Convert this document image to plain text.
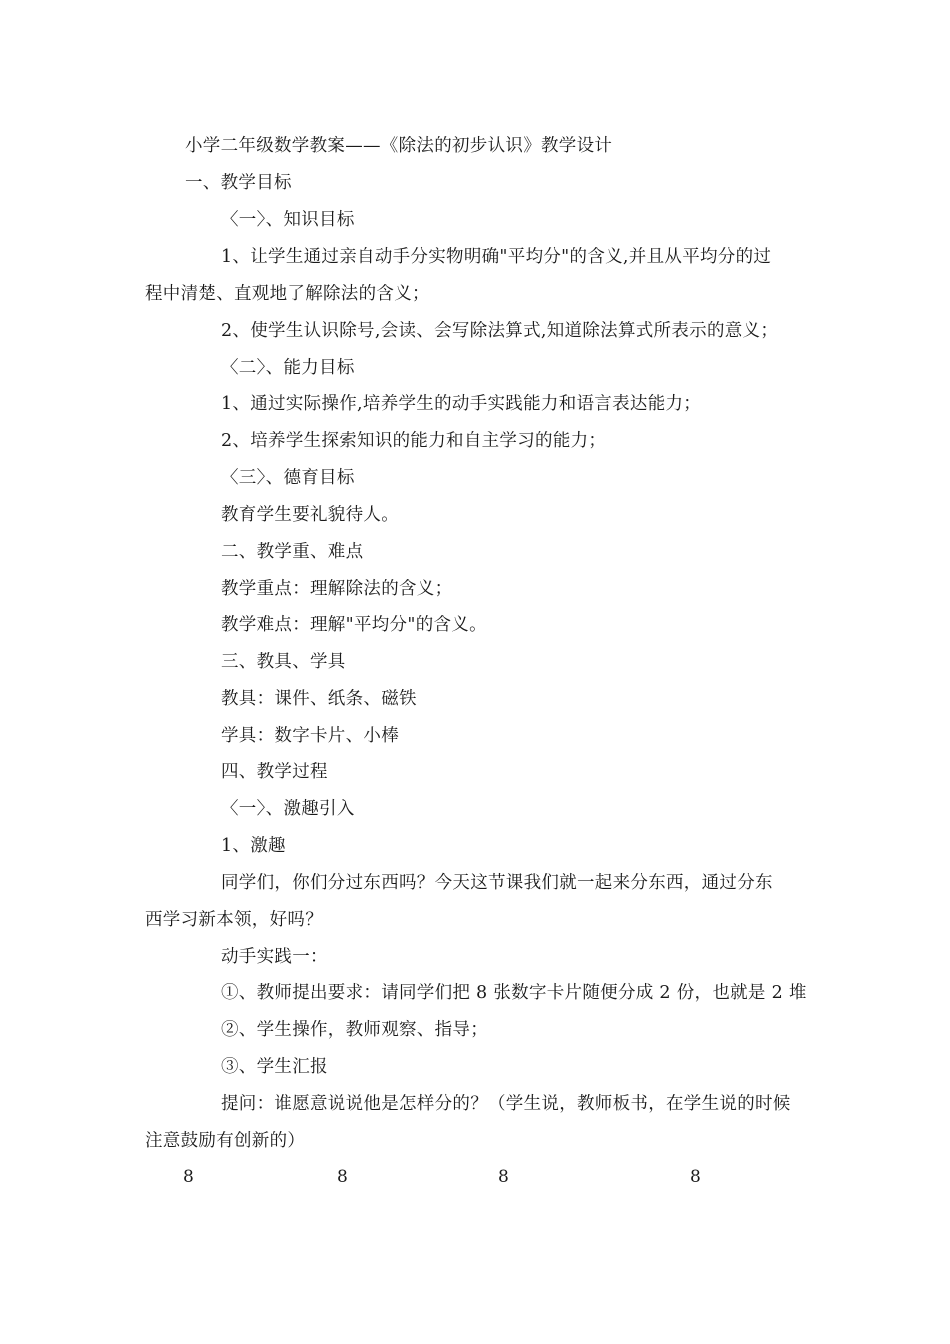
小学二年级数学教案——《除法的初步认识》教学设计
一、教学目标
〈一〉、知识目标
1、让学生通过亲自动手分实物明确"平均分"的含义,并且从平均分的过
程中清楚、直观地了解除法的含义；
2、使学生认识除号,会读、会写除法算式,知道除法算式所表示的意义；
〈二〉、能力目标
1、通过实际操作,培养学生的动手实践能力和语言表达能力；
2、培养学生探索知识的能力和自主学习的能力；
〈三〉、德育目标
教育学生要礼貌待人。
二、教学重、难点
教学重点：理解除法的含义；
教学难点：理解"平均分"的含义。
三、教具、学具
教具：课件、纸条、磁铁
学具：数字卡片、小棒
四、教学过程
〈一〉、激趣引入
1、激趣
同学们，你们分过东西吗？今天这节课我们就一起来分东西，通过分东
西学习新本领，好吗？
动手实践一：
①、教师提出要求：请同学们把 8 张数字卡片随便分成 2 份，也就是 2 堆
②、学生操作，教师观察、指导；
③、学生汇报
提问：谁愿意说说他是怎样分的？（学生说，教师板书，在学生说的时候
注意鼓励有创新的）
8	8	8	8
